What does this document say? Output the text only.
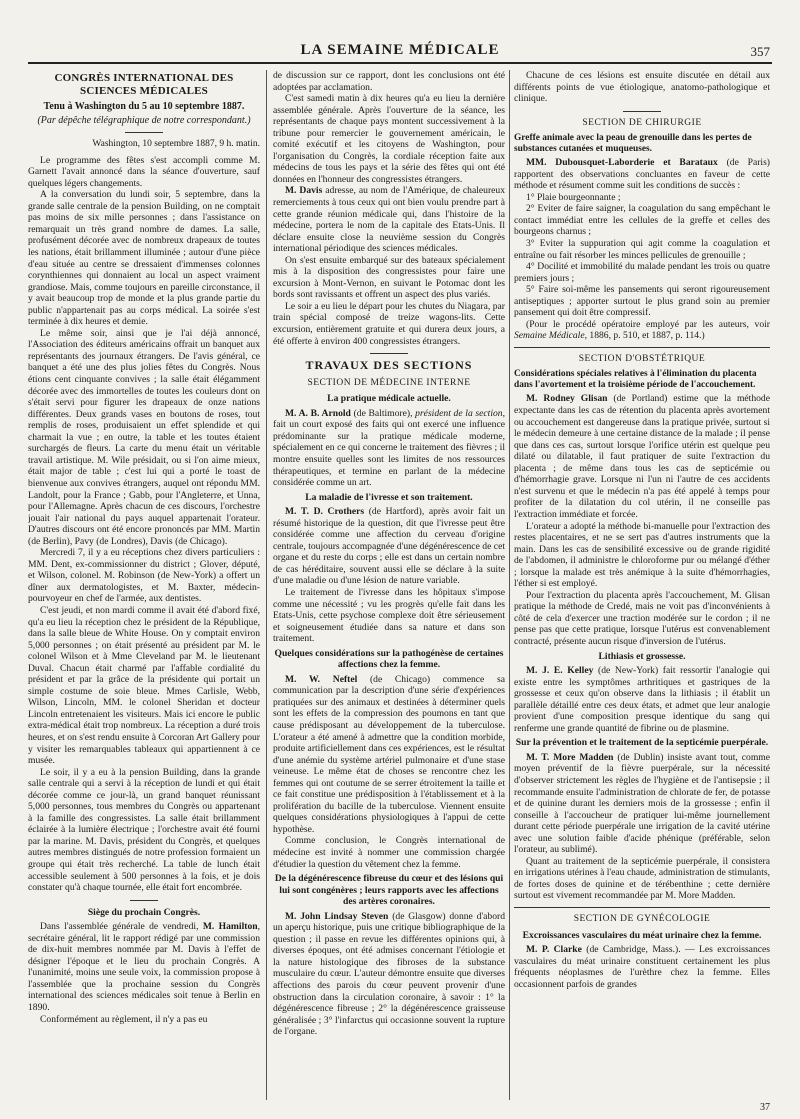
LA SEMAINE MÉDICALE	357
CONGRÈS INTERNATIONAL DES SCIENCES MÉDICALES
Tenu à Washington du 5 au 10 septembre 1887.
(Par dépêche télégraphique de notre correspondant.)
Washington, 10 septembre 1887, 9 h. matin.

Le programme des fêtes s'est accompli comme M. Garnett l'avait annoncé dans la séance d'ouverture, sauf quelques légers changements.

A la conversation du lundi soir, 5 septembre, dans la grande salle centrale de la pension Building, on ne comptait pas moins de six mille personnes ; dans l'assistance on remarquait un très grand nombre de dames. La salle, profusément décorée avec de nombreux drapeaux de toutes les nations, était brillamment illuminée ; autour d'une pièce d'eau située au centre se dressaient d'immenses colonnes corynthiennes qui donnaient au local un aspect vraiment grandiose. Mais, comme toujours en pareille circonstance, il y avait beaucoup trop de monde et la plus grande partie du public n'appartenait pas au corps médical. La soirée s'est terminée à dix heures et demie.

Le même soir, ainsi que je l'ai déjà annoncé, l'Association des éditeurs américains offrait un banquet aux représentants des journaux étrangers. De l'avis général, ce banquet a été une des plus jolies fêtes du Congrès. Nous étions cent cinquante convives ; la salle était élégamment décorée avec des immortelles de toutes les couleurs dont on s'était servi pour figurer les drapeaux de onze nations différentes. Deux grands vases en boutons de roses, tout remplis de roses, produisaient un effet splendide et qui charmait la vue ; en outre, la table et les toutes étaient surchargés de fleurs. La carte du menu était un véritable travail artistique. M. Wile présidait, ou si l'on aime mieux, était major de table ; c'est lui qui a porté le toast de bienvenue aux convives étrangers, auquel ont répondu MM. Landolt, pour la France ; Gabb, pour l'Angleterre, et Unna, pour l'Allemagne. Après chacun de ces discours, l'orchestre jouait l'air national du pays auquel appartenait l'orateur. D'autres discours ont été encore prononcés par MM. Martin (de Berlin), Pavy (de Londres), Davis (de Chicago).

Mercredi 7, il y a eu réceptions chez divers particuliers : MM. Dent, ex-commissionner du district ; Glover, député, et Wilson, colonel. M. Robinson (de New-York) a offert un dîner aux dermatologistes, et M. Baxter, médecin-pourvoyeur en chef de l'armée, aux dentistes.

C'est jeudi, et non mardi comme il avait été d'abord fixé, qu'a eu lieu la réception chez le président de la République, dans la salle bleue de White House. On y comptait environ 5,000 personnes ; on était présenté au président par M. le colonel Wilson et à Mme Cleveland par M. le lieutenant Duval. Chacun était charmé par l'affable cordialité du président et par la grâce de la présidente qui portait un simple costume de soie bleue. Mmes Carlisle, Webb, Wilson, Lincoln, MM. le colonel Sheridan et docteur Lincoln entretenaient les visiteurs. Mais ici encore le public extra-médical était trop nombreux. La réception a duré trois heures, et on s'est rendu ensuite à Corcoran Art Gallery pour y visiter les remarquables tableaux qui appartiennent à ce musée.

Le soir, il y a eu à la pension Building, dans la grande salle centrale qui a servi à la réception de lundi et qui était décorée comme ce jour-là, un grand banquet réunissant 5,000 personnes, tous membres du Congrès ou appartenant à la famille des congressistes. La salle était brillamment éclairée à la lumière électrique ; l'orchestre avait été fourni par la marine. M. Davis, président du Congrès, et quelques autres membres distingués de notre profession formaient un groupe qui était très recherché. La table de lunch était accessible seulement à 500 personnes à la fois, et je dois constater qu'à chaque tournée, elle était fort encombrée.

Siège du prochain Congrès.

Dans l'assemblée générale de vendredi, M. Hamilton, secrétaire général, lit le rapport rédigé par une commission de dix-huit membres nommée par M. Davis à l'effet de désigner l'époque et le lieu du prochain Congrès. A l'unanimité, moins une seule voix, la commission propose à l'assemblée que la prochaine session du Congrès international des sciences médicales soit tenue à Berlin en 1890.

Conformément au règlement, il n'y a pas eu

de discussion sur ce rapport, dont les conclusions ont été adoptées par acclamation.

C'est samedi matin à dix heures qu'a eu lieu la dernière assemblée générale. Après l'ouverture de la séance, les représentants de chaque pays montent successivement à la tribune pour remercier le gouvernement américain, le comité exécutif et les citoyens de Washington, pour l'organisation du Congrès, la cordiale réception faite aux médecins de tous les pays et la série des fêtes qui ont été données en l'honneur des congressistes étrangers.

M. Davis adresse, au nom de l'Amérique, de chaleureux remerciements à tous ceux qui ont bien voulu prendre part à cette grande réunion médicale qui, dans l'histoire de la médecine, portera le nom de la capitale des Etats-Unis. Il déclare ensuite close la neuvième session du Congrès international périodique des sciences médicales.

On s'est ensuite embarqué sur des bateaux spécialement mis à la disposition des congressistes pour faire une excursion à Mont-Vernon, en suivant le Potomac dont les bords sont ravissants et offrent un aspect des plus variés.

Le soir a eu lieu le départ pour les chutes du Niagara, par train spécial composé de treize wagons-lits. Cette excursion, entièrement gratuite et qui durera deux jours, a été offerte à environ 400 congressistes étrangers.

TRAVAUX DES SECTIONS
SECTION DE MÉDECINE INTERNE
La pratique médicale actuelle.

M. A. B. Arnold (de Baltimore), président de la section, fait un court exposé des faits qui ont exercé une influence prédominante sur la pratique médicale moderne, spécialement en ce qui concerne le traitement des fièvres ; il montre ensuite quelles sont les limites de nos ressources thérapeutiques, et termine en parlant de la médecine considérée comme un art.

La maladie de l'ivresse et son traitement.

M. T. D. Crothers (de Hartford), après avoir fait un résumé historique de la question, dit que l'ivresse peut être considérée comme une affection du cerveau d'origine centrale, toujours accompagnée d'une dégénérescence de cet organe et du reste du corps ; elle est dans un certain nombre de cas héréditaire, souvent aussi elle se déclare à la suite d'une maladie ou d'une lésion de nature variable.

Le traitement de l'ivresse dans les hôpitaux s'impose comme une nécessité ; vu les progrès qu'elle fait dans les Etats-Unis, cette psychose complexe doit être sérieusement et soigneusement étudiée dans sa nature et dans son traitement.

Quelques considérations sur la pathogénèse de certaines affections chez la femme.

M. W. Neftel (de Chicago) commence sa communication par la description d'une série d'expériences pratiquées sur des animaux et destinées à déterminer quels sont les effets de la compression des poumons en tant que cause prédisposant au développement de la tuberculose. L'orateur a été amené à admettre que la condition morbide, produite artificiellement dans ces expériences, est le résultat d'une anémie du système artériel pulmonaire et d'une stase veineuse. Le même état de choses se rencontre chez les femmes qui ont coutume de se serrer étroitement la taille et ce fait constitue une prédisposition à l'établissement et à la prolifération du bacille de la tuberculose. Viennent ensuite quelques considérations physiologiques à l'appui de cette hypothèse.

Comme conclusion, le Congrès international de médecine est invité à nommer une commission chargée d'étudier la question du vêtement chez la femme.

De la dégénérescence fibreuse du cœur et des lésions qui lui sont congénères ; leurs rapports avec les affections des artères coronaires.

M. John Lindsay Steven (de Glasgow) donne d'abord un aperçu historique, puis une critique bibliographique de la question ; il passe en revue les différentes opinions qui, à diverses époques, ont été admises concernant l'étiologie et la nature histologique des fibroses de la substance musculaire du cœur. L'auteur démontre ensuite que diverses affections des parois du cœur peuvent provenir d'une obstruction dans la circulation coronaire, à savoir : 1° la dégénérescence fibreuse ; 2° la dégénérescence graisseuse généralisée ; 3° l'infarctus qui occasionne souvent la rupture de l'organe.

Chacune de ces lésions est ensuite discutée en détail aux différents points de vue étiologique, anatomo-pathologique et clinique.

SECTION DE CHIRURGIE
Greffe animale avec la peau de grenouille dans les pertes de substances cutanées et muqueuses.

MM. Dubousquet-Laborderie et Barataux (de Paris) rapportent des observations concluantes en faveur de cette méthode et résument comme suit les conditions de succès :

1° Plaie bourgeonnante ;

2° Eviter de faire saigner, la coagulation du sang empêchant le contact immédiat entre les cellules de la greffe et celles des bourgeons charnus ;

3° Eviter la suppuration qui agit comme la coagulation et entraîne ou fait résorber les minces pellicules de grenouille ;

4° Docilité et immobilité du malade pendant les trois ou quatre premiers jours ;

5° Faire soi-même les pansements qui seront rigoureusement antiseptiques ; apporter surtout le plus grand soin au premier pansement qui doit être compressif.

(Pour le procédé opératoire employé par les auteurs, voir Semaine Médicale, 1886, p. 510, et 1887, p. 114.)

SECTION D'OBSTÉTRIQUE
Considérations spéciales relatives à l'élimination du placenta dans l'avortement et la troisième période de l'accouchement.

M. Rodney Glisan (de Portland) estime que la méthode expectante dans les cas de rétention du placenta après avortement ou accouchement est dangereuse dans la pratique privée, surtout si le médecin demeure à une certaine distance de la malade ; il pense que dans ces cas, surtout lorsque l'orifice utérin est quelque peu dilaté ou dilatable, il faut pratiquer de suite l'extraction du placenta ; de même dans tous les cas de septicémie ou d'hémorrhagie grave. Lorsque ni l'un ni l'autre de ces accidents n'est survenu et que le médecin n'a pas été appelé à temps pour profiter de la dilatation du col utérin, il ne conseille pas l'extraction immédiate et forcée.

L'orateur a adopté la méthode bi-manuelle pour l'extraction des restes placentaires, et ne se sert pas d'autres instruments que la main. Dans les cas de sensibilité excessive ou de grande rigidité de l'abdomen, il administre le chloroforme pur ou mélangé d'éther ; lorsque la malade est très anémique à la suite d'hémorrhagies, l'éther si est employé.

Pour l'extraction du placenta après l'accouchement, M. Glisan pratique la méthode de Credé, mais ne voit pas d'inconvénients à côté de cela d'exercer une traction modérée sur le cordon ; il ne pense pas que cette pratique, lorsque l'utérus est convenablement contracté, présente aucun risque d'inversion de l'utérus.

Lithiasis et grossesse.

M. J. E. Kelley (de New-York) fait ressortir l'analogie qui existe entre les symptômes arthritiques et gastriques de la grossesse et ceux qu'on observe dans la lithiasis ; il établit un parallèle détaillé entre ces deux états, et admet que leur analogie provient d'une composition presque identique du sang qui renferme une grande quantité de fibrine ou de plasmine.

Sur la prévention et le traitement de la septicémie puerpérale.

M. T. More Madden (de Dublin) insiste avant tout, comme moyen préventif de la fièvre puerpérale, sur la nécessité d'observer strictement les règles de l'hygiène et de l'antisepsie ; il recommande ensuite l'administration de chlorate de fer, de potasse et de quinine durant les derniers mois de la grossesse ; enfin il conseille à l'accoucheur de pratiquer lui-même journellement durant cette période puerpérale une irrigation de la cavité utérine avec une solution faible d'acide phénique (préférable, selon l'orateur, au sublimé).

Quant au traitement de la septicémie puerpérale, il consistera en irrigations utérines à l'eau chaude, administration de stimulants, de fortes doses de quinine et de térébenthine ; cette dernière surtout est vivement recommandée par M. More Madden.

SECTION DE GYNÉCOLOGIE
Excroissances vasculaires du méat urinaire chez la femme.

M. P. Clarke (de Cambridge, Mass.). — Les excroissances vasculaires du méat urinaire constituent certainement les plus fréquents néoplasmes de l'urèthre chez la femme. Elles occasionnent parfois de grandes

37
